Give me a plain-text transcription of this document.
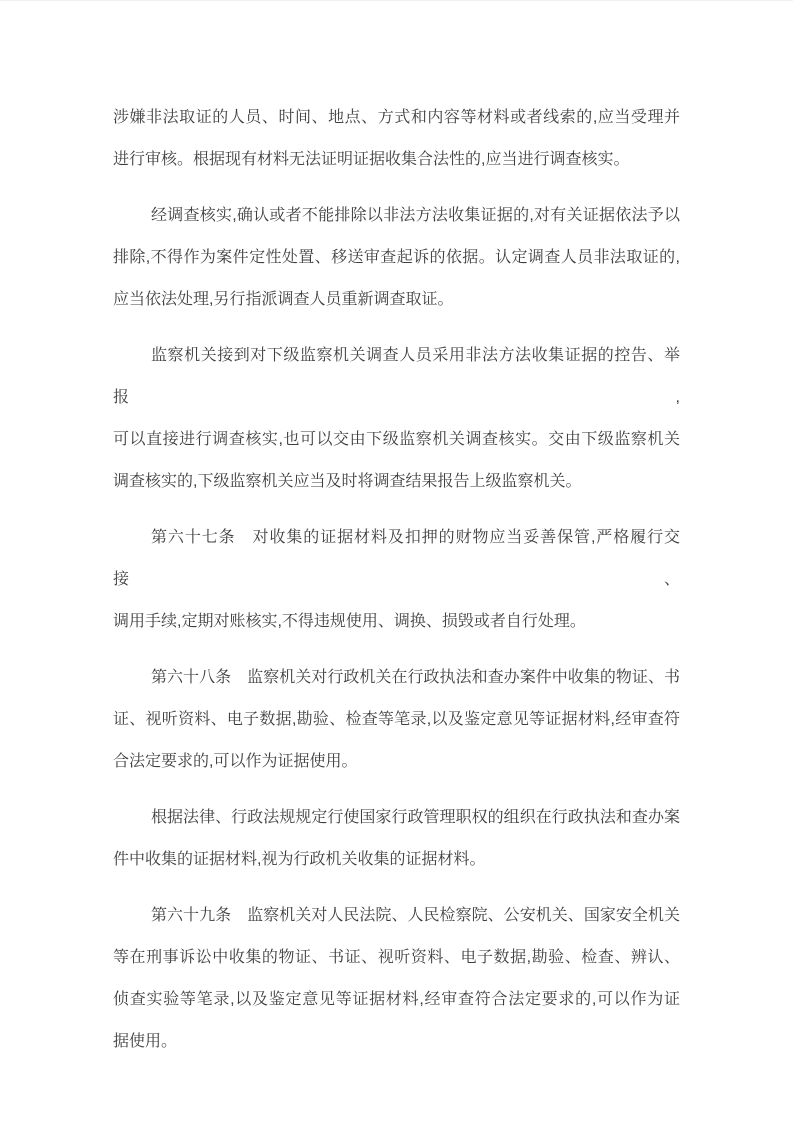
涉嫌非法取证的人员、时间、地点、方式和内容等材料或者线索的,应当受理并
进行审核。根据现有材料无法证明证据收集合法性的,应当进行调查核实。
经调查核实,确认或者不能排除以非法方法收集证据的,对有关证据依法予以
排除,不得作为案件定性处置、移送审查起诉的依据。认定调查人员非法取证的,
应当依法处理,另行指派调查人员重新调查取证。
监察机关接到对下级监察机关调查人员采用非法方法收集证据的控告、举报,
可以直接进行调查核实,也可以交由下级监察机关调查核实。交由下级监察机关
调查核实的,下级监察机关应当及时将调查结果报告上级监察机关。
第六十七条　对收集的证据材料及扣押的财物应当妥善保管,严格履行交接、
调用手续,定期对账核实,不得违规使用、调换、损毁或者自行处理。
第六十八条　监察机关对行政机关在行政执法和查办案件中收集的物证、书
证、视听资料、电子数据,勘验、检查等笔录,以及鉴定意见等证据材料,经审查符
合法定要求的,可以作为证据使用。
根据法律、行政法规规定行使国家行政管理职权的组织在行政执法和查办案
件中收集的证据材料,视为行政机关收集的证据材料。
第六十九条　监察机关对人民法院、人民检察院、公安机关、国家安全机关
等在刑事诉讼中收集的物证、书证、视听资料、电子数据,勘验、检查、辨认、
侦查实验等笔录,以及鉴定意见等证据材料,经审查符合法定要求的,可以作为证
据使用。
